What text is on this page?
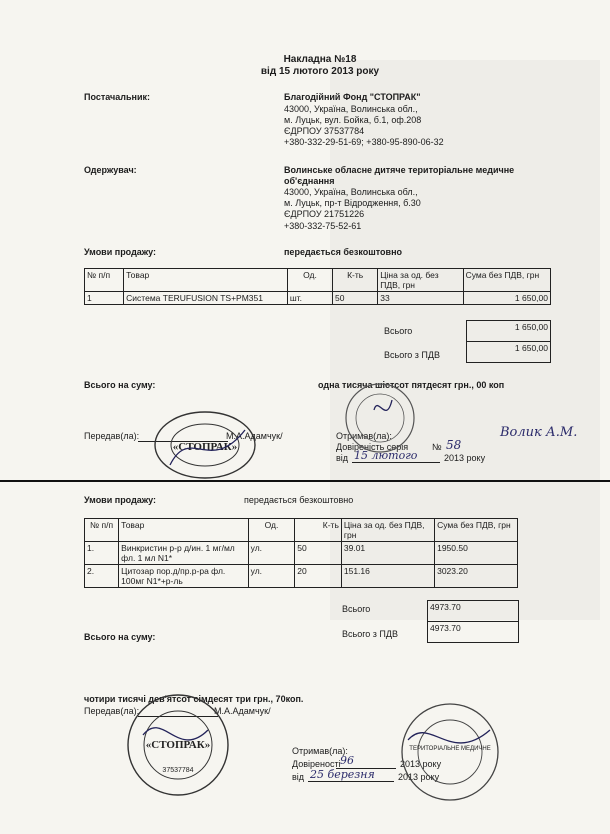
Накладна №18
від 15 лютого 2013 року
Постачальник:	Благодійний Фонд "СТОПРАК"
43000, Україна, Волинська обл.,
м. Луцьк, вул. Бойка, б.1, оф.208
ЄДРПОУ 37537784
+380-332-29-51-69; +380-95-890-06-32
Одержувач:	Волинське обласне дитяче територіальне медичне
об'єднання
43000, Україна, Волинська обл.,
м. Луцьк, пр-т Відродження, б.30
ЄДРПОУ 21751226
+380-332-75-52-61
Умови продажу:	передається безкоштовно
№ п/п	Товар	Од.	К-ть	Ціна за од. без ПДВ, грн	Сума без ПДВ, грн
1	Система TERUFUSION TS+PM351	шт.	50	33	1 650,00
1 650,00
1 650,00
Всього
Всього з ПДВ
Всього на суму:	одна тисяча шістсот пятдесят грн., 00 коп
Передав(ла):	М.А.Адамчук/
«СТОПРАК»
Отримав(ла):
Довіреність серія	№ 58
від 15 лютого	2013 року
Волик А.М.
Умови продажу:	передається безкоштовно
№ п/п	Товар	Од.	К-ть	Ціна за од. без ПДВ, грн	Сума без ПДВ, грн
1.	Винкристин р-р д/ин. 1 мг/мл фл. 1 мл N1*	ул.	50	39.01	1950.50
2.	Цитозар пор.д/пр.р-ра фл. 100мг N1*+р-ль	ул.	20	151.16	3023.20
4973.70
4973.70
Всього
Всього з ПДВ
Всього на суму:
чотири тисячі дев'ятсот сімдесят три грн., 70коп.
Передав(ла):	М.А.Адамчук/
«СТОПРАК»
37537784
Отримав(ла):
Довіреності 96	2013 року
від 25 березня	2013 року
ТЕРИТОРІАЛЬНЕ МЕДИЧНЕ
